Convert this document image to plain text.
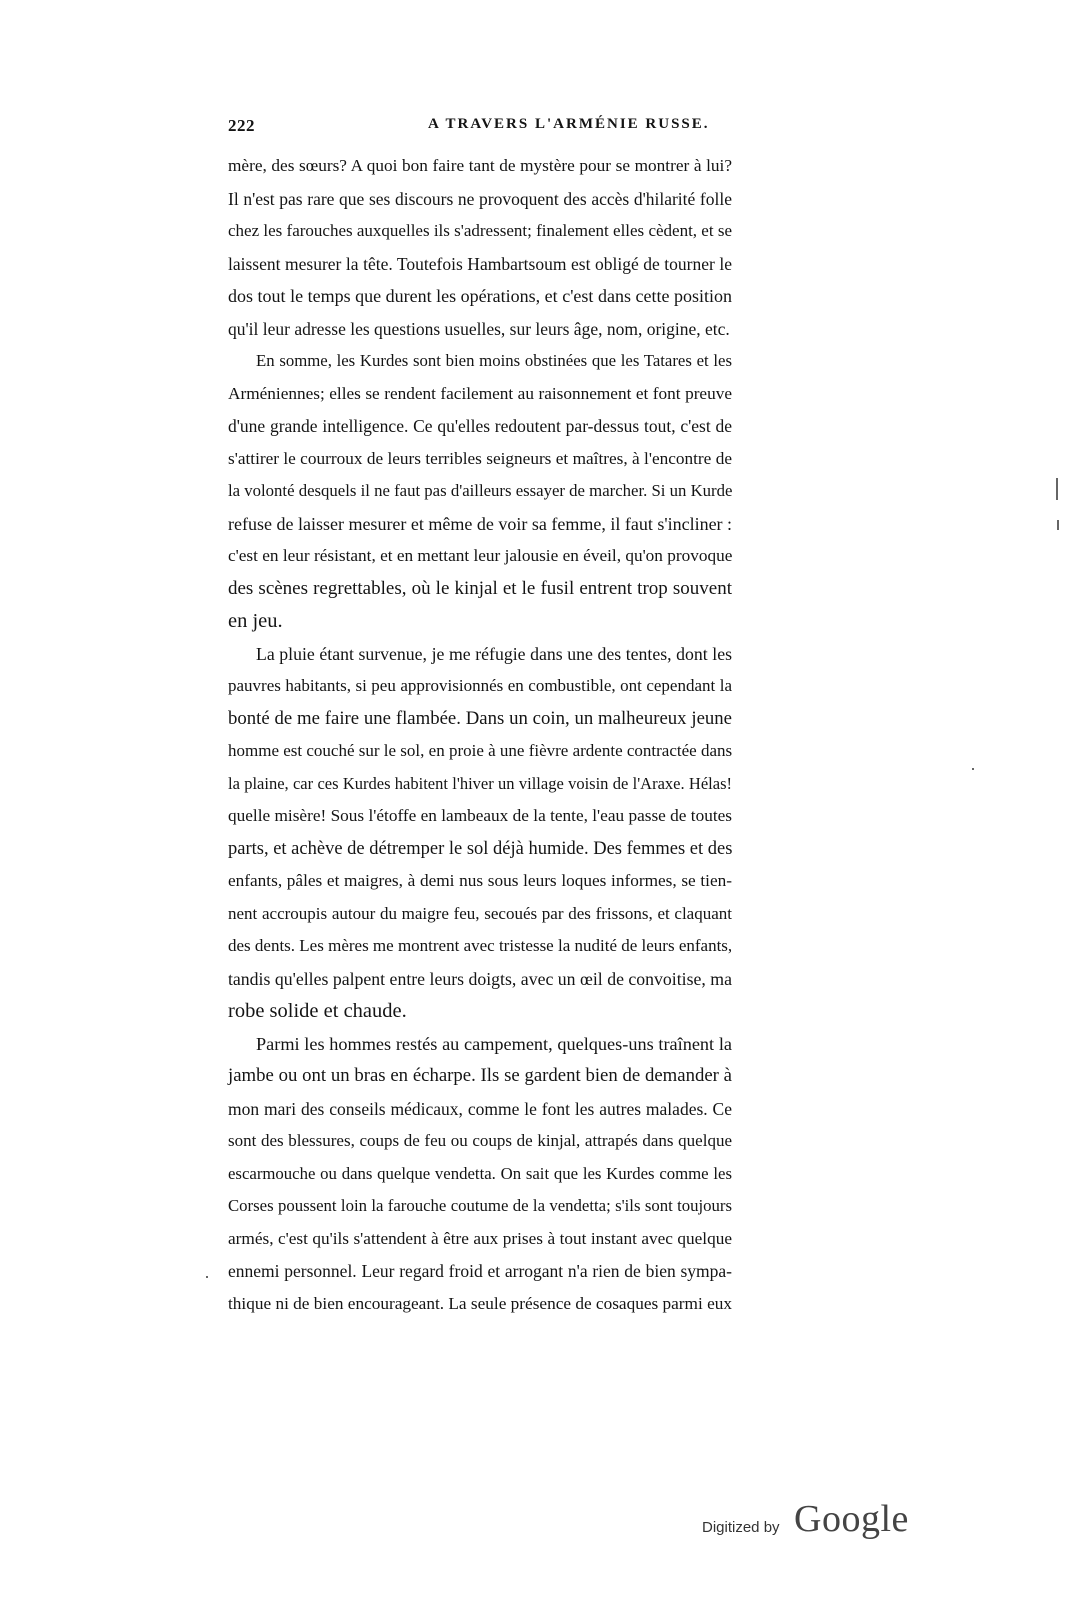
222	A TRAVERS L'ARMÉNIE RUSSE.
mère, des sœurs? A quoi bon faire tant de mystère pour se montrer à lui?
Il n'est pas rare que ses discours ne provoquent des accès d'hilarité folle
chez les farouches auxquelles ils s'adressent; finalement elles cèdent, et se
laissent mesurer la tête. Toutefois Hambartsoum est obligé de tourner le
dos tout le temps que durent les opérations, et c'est dans cette position
qu'il leur adresse les questions usuelles, sur leurs âge, nom, origine, etc.
En somme, les Kurdes sont bien moins obstinées que les Tatares et les
Arméniennes; elles se rendent facilement au raisonnement et font preuve
d'une grande intelligence. Ce qu'elles redoutent par-dessus tout, c'est de
s'attirer le courroux de leurs terribles seigneurs et maîtres, à l'encontre de
la volonté desquels il ne faut pas d'ailleurs essayer de marcher. Si un Kurde
refuse de laisser mesurer et même de voir sa femme, il faut s'incliner :
c'est en leur résistant, et en mettant leur jalousie en éveil, qu'on provoque
des scènes regrettables, où le kinjal et le fusil entrent trop souvent
en jeu.
La pluie étant survenue, je me réfugie dans une des tentes, dont les
pauvres habitants, si peu approvisionnés en combustible, ont cependant la
bonté de me faire une flambée. Dans un coin, un malheureux jeune
homme est couché sur le sol, en proie à une fièvre ardente contractée dans
la plaine, car ces Kurdes habitent l'hiver un village voisin de l'Araxe. Hélas!
quelle misère! Sous l'étoffe en lambeaux de la tente, l'eau passe de toutes
parts, et achève de détremper le sol déjà humide. Des femmes et des
enfants, pâles et maigres, à demi nus sous leurs loques informes, se tien-
nent accroupis autour du maigre feu, secoués par des frissons, et claquant
des dents. Les mères me montrent avec tristesse la nudité de leurs enfants,
tandis qu'elles palpent entre leurs doigts, avec un œil de convoitise, ma
robe solide et chaude.
Parmi les hommes restés au campement, quelques-uns traînent la
jambe ou ont un bras en écharpe. Ils se gardent bien de demander à
mon mari des conseils médicaux, comme le font les autres malades. Ce
sont des blessures, coups de feu ou coups de kinjal, attrapés dans quelque
escarmouche ou dans quelque vendetta. On sait que les Kurdes comme les
Corses poussent loin la farouche coutume de la vendetta; s'ils sont toujours
armés, c'est qu'ils s'attendent à être aux prises à tout instant avec quelque
ennemi personnel. Leur regard froid et arrogant n'a rien de bien sympa-
thique ni de bien encourageant. La seule présence de cosaques parmi eux
Digitized by Google
